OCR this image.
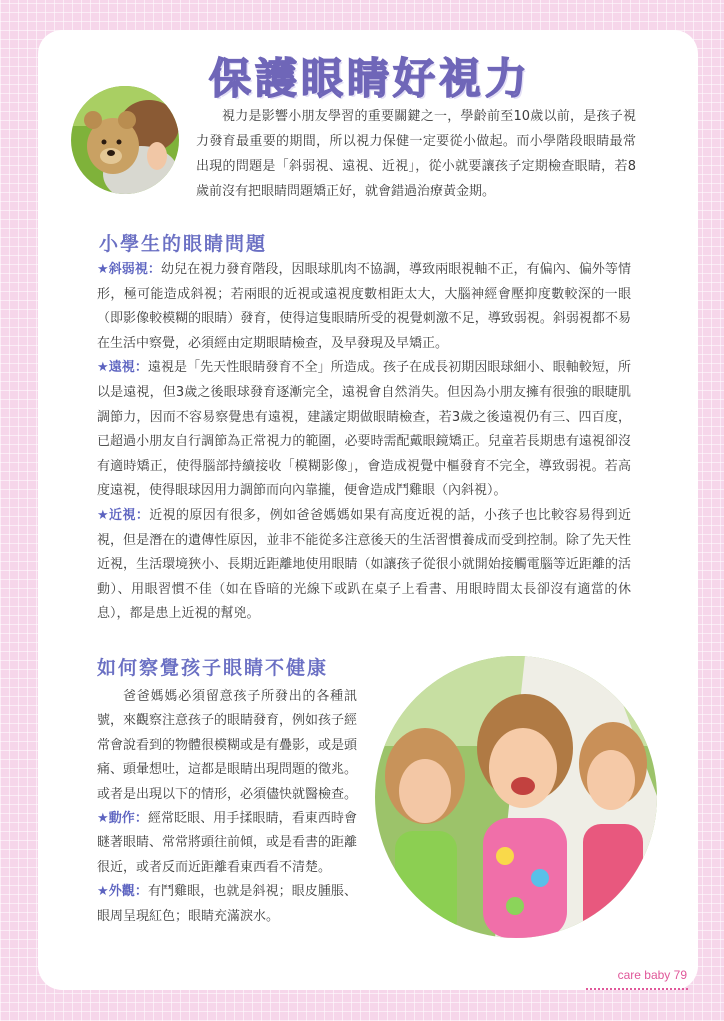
保護眼睛好視力

視力是影響小朋友學習的重要關鍵之一，學齡前至10歲以前，是孩子視力發育最重要的期間，所以視力保健一定要從小做起。而小學階段眼睛最常出現的問題是「斜弱視、遠視、近視」，從小就要讓孩子定期檢查眼睛，若8歲前沒有把眼睛問題矯正好，就會錯過治療黃金期。

小學生的眼睛問題

★斜弱視：幼兒在視力發育階段，因眼球肌肉不協調，導致兩眼視軸不正，有偏內、偏外等情形，極可能造成斜視；若兩眼的近視或遠視度數相距太大，大腦神經會壓抑度數較深的一眼（即影像較模糊的眼睛）發育，使得這隻眼睛所受的視覺刺激不足，導致弱視。斜弱視都不易在生活中察覺，必須經由定期眼睛檢查，及早發現及早矯正。

★遠視：遠視是「先天性眼睛發育不全」所造成。孩子在成長初期因眼球細小、眼軸較短，所以是遠視，但3歲之後眼球發育逐漸完全，遠視會自然消失。但因為小朋友擁有很強的眼睫肌調節力，因而不容易察覺患有遠視，建議定期做眼睛檢查，若3歲之後遠視仍有三、四百度，已超過小朋友自行調節為正常視力的範圍，必要時需配戴眼鏡矯正。兒童若長期患有遠視卻沒有適時矯正，使得腦部持續接收「模糊影像」，會造成視覺中樞發育不完全，導致弱視。若高度遠視，使得眼球因用力調節而向內靠攏，便會造成鬥雞眼（內斜視）。

★近視：近視的原因有很多，例如爸爸媽媽如果有高度近視的話，小孩子也比較容易得到近視，但是潛在的遺傳性原因，並非不能從多注意後天的生活習慣養成而受到控制。除了先天性近視，生活環境狹小、長期近距離地使用眼睛（如讓孩子從很小就開始接觸電腦等近距離的活動）、用眼習慣不佳（如在昏暗的光線下或趴在桌子上看書、用眼時間太長卻沒有適當的休息），都是患上近視的幫兇。

如何察覺孩子眼睛不健康

爸爸媽媽必須留意孩子所發出的各種訊號，來觀察注意孩子的眼睛發育，例如孩子經常會說看到的物體很模糊或是有疊影，或是頭痛、頭暈想吐，這都是眼睛出現問題的徵兆。或者是出現以下的情形，必須儘快就醫檢查。

★動作：經常眨眼、用手揉眼睛，看東西時會瞇著眼睛、常常將頭往前傾，或是看書的距離很近，或者反而近距離看東西看不清楚。

★外觀：有鬥雞眼，也就是斜視；眼皮腫脹、眼周呈現紅色；眼睛充滿淚水。

care baby 79
